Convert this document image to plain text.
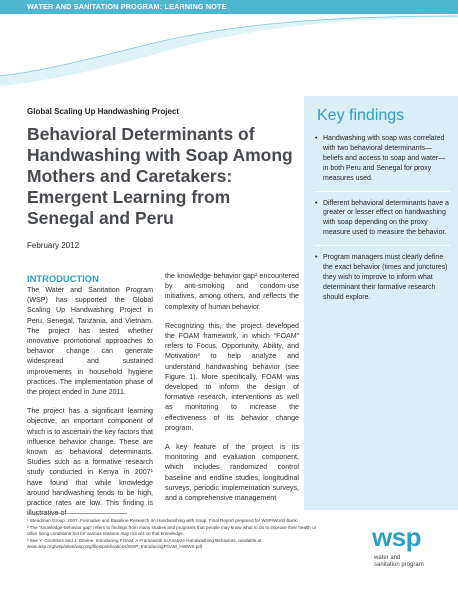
WATER AND SANITATION PROGRAM: LEARNING NOTE
Global Scaling Up Handwashing Project
Behavioral Determinants of Handwashing with Soap Among Mothers and Caretakers: Emergent Learning from Senegal and Peru
February 2012
INTRODUCTION

The Water and Sanitation Program (WSP) has supported the Global Scaling Up Handwashing Project in Peru, Senegal, Tanzania, and Vietnam. The project has tested whether innovative promotional approaches to behavior change can generate widespread and sustained improvements in household hygiene practices. The implementation phase of the project ended in June 2011.

The project has a significant learning objective, an important component of which is to ascertain the key factors that influence behavior change. These are known as behavioral determinants. Studies such as a formative research study conducted in Kenya in 2007¹ have found that while knowledge around handwashing tends to be high, practice rates are low. This finding is

the knowledge-behavior gap² encountered by anti-smoking and condom-use initiatives, among others, and reflects the complexity of human behavior.

Recognizing this, the project developed the FOAM framework, in which “FOAM” refers to Focus, Opportunity, Ability, and Motivation³ to help analyze and understand handwashing behavior (see Figure 1). More specifically, FOAM was developed to inform the design of formative research, interventions as well as monitoring to increase the effectiveness of its behavior change program.

A key feature of the project is its monitoring and evaluation component, which includes randomized control baseline and endline studies, longitudinal surveys, periodic implementation surveys, and a comprehensive management

Key findings
• Handwashing with soap was correlated with two behavioral determinants—beliefs and access to soap and water—in both Peru and Senegal for proxy measures used.
• Different behavioral determinants have a greater or lesser effect on handwashing with soap depending on the proxy measure used to measure the behavior.
• Program managers must clearly define the exact behavior (times and junctures) they wish to improve to inform what determinant their formative research should explore.
¹ Steadman Group. 2007. Formative and Baseline Research on Handwashing with Soap. Final Report prepared for WSP/World Bank.
² The “knowledge-behavior gap” refers to findings from many studies and programs that people may know what to do to improve their health or other living conditions but for various reasons may not act on that knowledge.
³ See Y. Coombes and J. Devine, Introducing FOAM: A Framework to Analyze Handwashing Behaviors, available at www.wsp.org/wsp/sites/wsp.org/files/publications/WSP_IntroducingFOAM_HWWS.pdf.	wsp
water and
sanitation program
